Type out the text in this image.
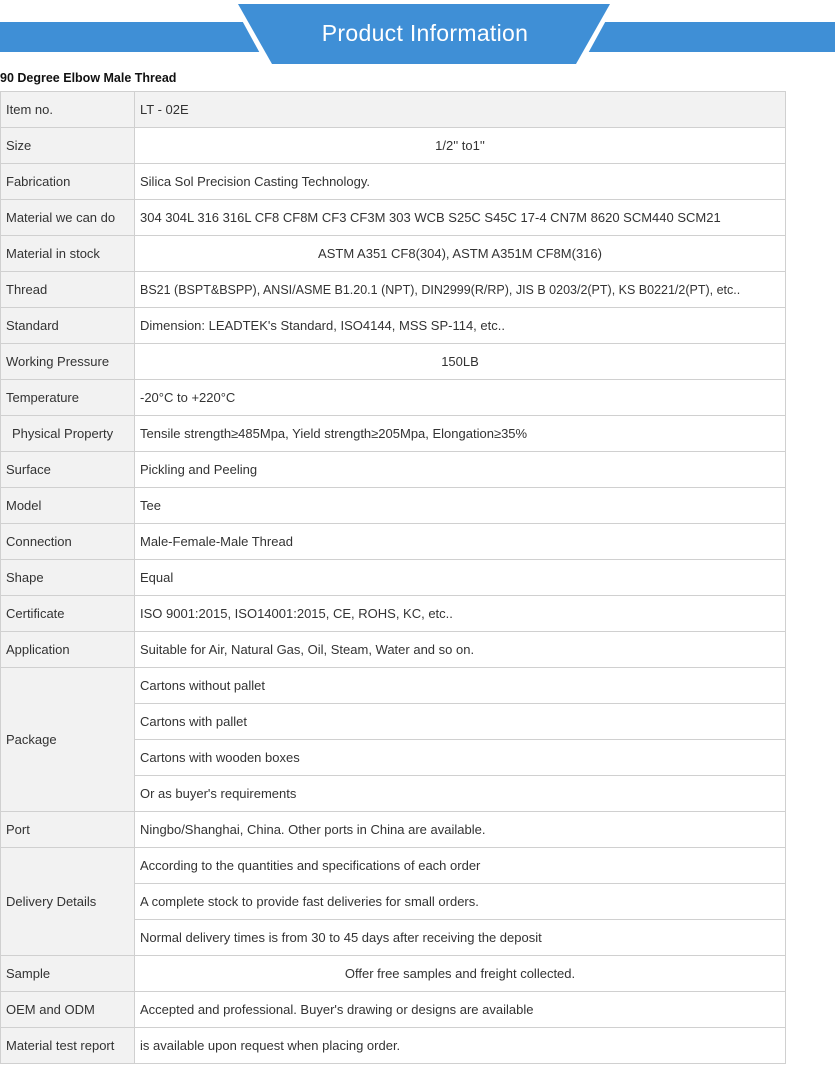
Product Information
90 Degree Elbow Male Thread
Item no.	LT - 02E
Size	1/2'' to1''
Fabrication	Silica Sol Precision Casting Technology.
Material we can do	304 304L 316 316L CF8 CF8M CF3 CF3M 303 WCB S25C S45C 17-4 CN7M 8620 SCM440 SCM21
Material in stock	ASTM A351 CF8(304), ASTM A351M CF8M(316)
Thread	BS21 (BSPT&BSPP), ANSI/ASME B1.20.1 (NPT), DIN2999(R/RP), JIS B 0203/2(PT), KS B0221/2(PT), etc..
Standard	Dimension: LEADTEK's Standard, ISO4144, MSS SP-114, etc..
Working Pressure	150LB
Temperature	-20°C to +220°C
Physical Property	Tensile strength≥485Mpa, Yield strength≥205Mpa, Elongation≥35%
Surface	Pickling and Peeling
Model	Tee
Connection	Male-Female-Male Thread
Shape	Equal
Certificate	ISO 9001:2015, ISO14001:2015, CE, ROHS, KC, etc..
Application	Suitable for Air, Natural Gas, Oil, Steam, Water and so on.
Package	Cartons without pallet
	Cartons with pallet
	Cartons with wooden boxes
	Or as buyer's requirements
Port	Ningbo/Shanghai, China. Other ports in China are available.
Delivery Details	According to the quantities and specifications of each order
	A complete stock to provide fast deliveries for small orders.
	Normal delivery times is from 30 to 45 days after receiving the deposit
Sample	Offer free samples and freight collected.
OEM and ODM	Accepted and professional. Buyer's drawing or designs are available
Material test report	is available upon request when placing order.
